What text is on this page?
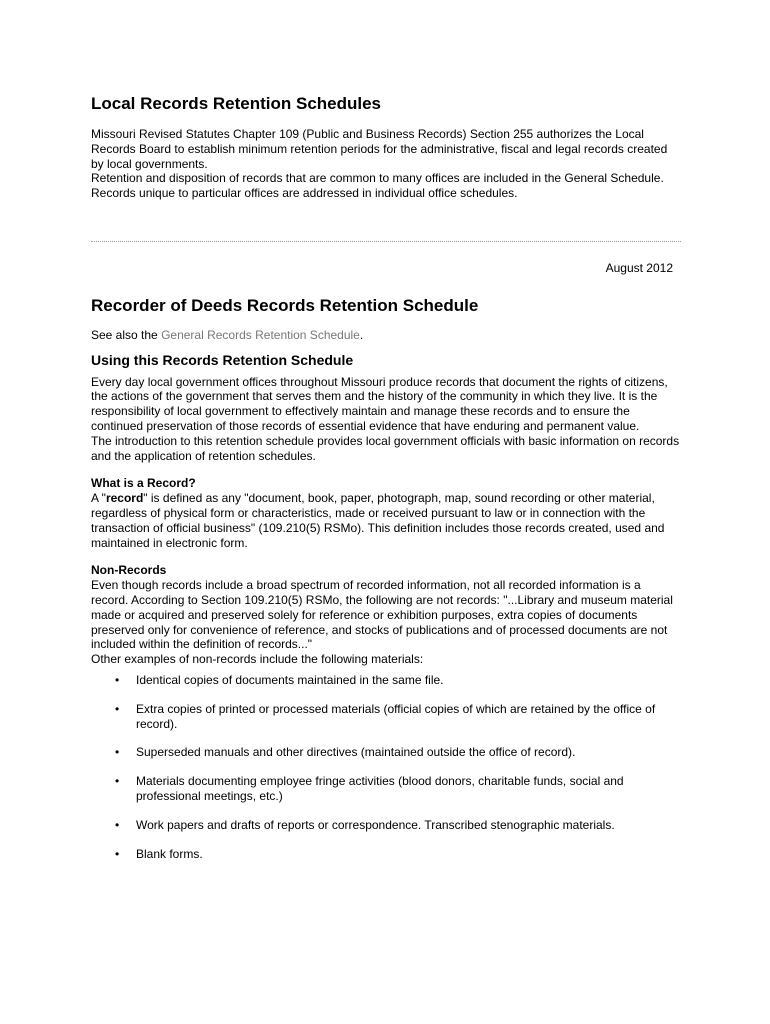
Local Records Retention Schedules

Missouri Revised Statutes Chapter 109 (Public and Business Records) Section 255 authorizes the Local Records Board to establish minimum retention periods for the administrative, fiscal and legal records created by local governments.

Retention and disposition of records that are common to many offices are included in the General Schedule. Records unique to particular offices are addressed in individual office schedules.

August 2012
Recorder of Deeds Records Retention Schedule

See also the General Records Retention Schedule.

Using this Records Retention Schedule

Every day local government offices throughout Missouri produce records that document the rights of citizens, the actions of the government that serves them and the history of the community in which they live. It is the responsibility of local government to effectively maintain and manage these records and to ensure the continued preservation of those records of essential evidence that have enduring and permanent value.

The introduction to this retention schedule provides local government officials with basic information on records and the application of retention schedules.

What is a Record?

A "record" is defined as any "document, book, paper, photograph, map, sound recording or other material, regardless of physical form or characteristics, made or received pursuant to law or in connection with the transaction of official business" (109.210(5) RSMo). This definition includes those records created, used and maintained in electronic form.

Non-Records

Even though records include a broad spectrum of recorded information, not all recorded information is a record. According to Section 109.210(5) RSMo, the following are not records: "...Library and museum material made or acquired and preserved solely for reference or exhibition purposes, extra copies of documents preserved only for convenience of reference, and stocks of publications and of processed documents are not included within the definition of records..."

Other examples of non-records include the following materials:

• Identical copies of documents maintained in the same file.
• Extra copies of printed or processed materials (official copies of which are retained by the office of record).
• Superseded manuals and other directives (maintained outside the office of record).
• Materials documenting employee fringe activities (blood donors, charitable funds, social and professional meetings, etc.)
• Work papers and drafts of reports or correspondence. Transcribed stenographic materials.
• Blank forms.
